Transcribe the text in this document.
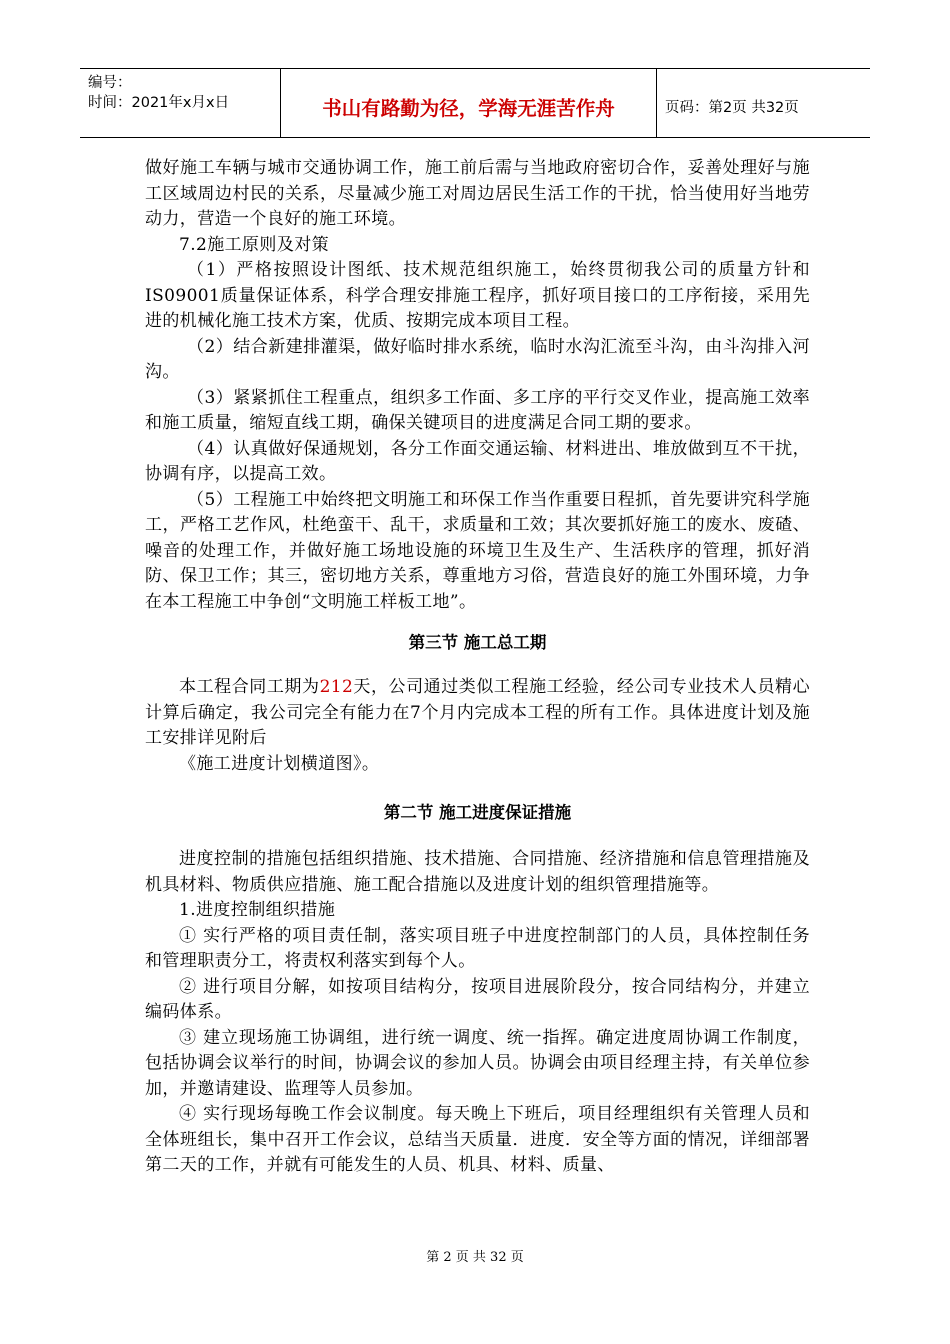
编号：
时间：2021年x月x日	书山有路勤为径，学海无涯苦作舟	页码：第2页 共32页

做好施工车辆与城市交通协调工作，施工前后需与当地政府密切合作，妥善处理好与施工区域周边村民的关系，尽量减少施工对周边居民生活工作的干扰，恰当使用好当地劳动力，营造一个良好的施工环境。

7.2施工原则及对策

（1）严格按照设计图纸、技术规范组织施工，始终贯彻我公司的质量方针和IS09001质量保证体系，科学合理安排施工程序，抓好项目接口的工序衔接，采用先进的机械化施工技术方案，优质、按期完成本项目工程。

（2）结合新建排灌渠，做好临时排水系统，临时水沟汇流至斗沟，由斗沟排入河沟。

（3）紧紧抓住工程重点，组织多工作面、多工序的平行交叉作业，提高施工效率和施工质量，缩短直线工期，确保关键项目的进度满足合同工期的要求。

（4）认真做好保通规划，各分工作面交通运输、材料进出、堆放做到互不干扰，协调有序，以提高工效。

（5）工程施工中始终把文明施工和环保工作当作重要日程抓，首先要讲究科学施工，严格工艺作风，杜绝蛮干、乱干，求质量和工效；其次要抓好施工的废水、废碴、噪音的处理工作，并做好施工场地设施的环境卫生及生产、生活秩序的管理，抓好消防、保卫工作；其三，密切地方关系，尊重地方习俗，营造良好的施工外围环境，力争在本工程施工中争创“文明施工样板工地”。

第三节 施工总工期

本工程合同工期为212天，公司通过类似工程施工经验，经公司专业技术人员精心计算后确定，我公司完全有能力在7个月内完成本工程的所有工作。具体进度计划及施工安排详见附后

《施工进度计划横道图》。

第二节 施工进度保证措施

进度控制的措施包括组织措施、技术措施、合同措施、经济措施和信息管理措施及机具材料、物质供应措施、施工配合措施以及进度计划的组织管理措施等。

1.进度控制组织措施

① 实行严格的项目责任制，落实项目班子中进度控制部门的人员，具体控制任务和管理职责分工，将责权利落实到每个人。

② 进行项目分解，如按项目结构分，按项目进展阶段分，按合同结构分，并建立编码体系。

③ 建立现场施工协调组，进行统一调度、统一指挥。确定进度周协调工作制度，包括协调会议举行的时间，协调会议的参加人员。协调会由项目经理主持，有关单位参加，并邀请建设、监理等人员参加。

④ 实行现场每晚工作会议制度。每天晚上下班后，项目经理组织有关管理人员和全体班组长，集中召开工作会议，总结当天质量．进度．安全等方面的情况，详细部署第二天的工作，并就有可能发生的人员、机具、材料、质量、

第 2 页 共 32 页
